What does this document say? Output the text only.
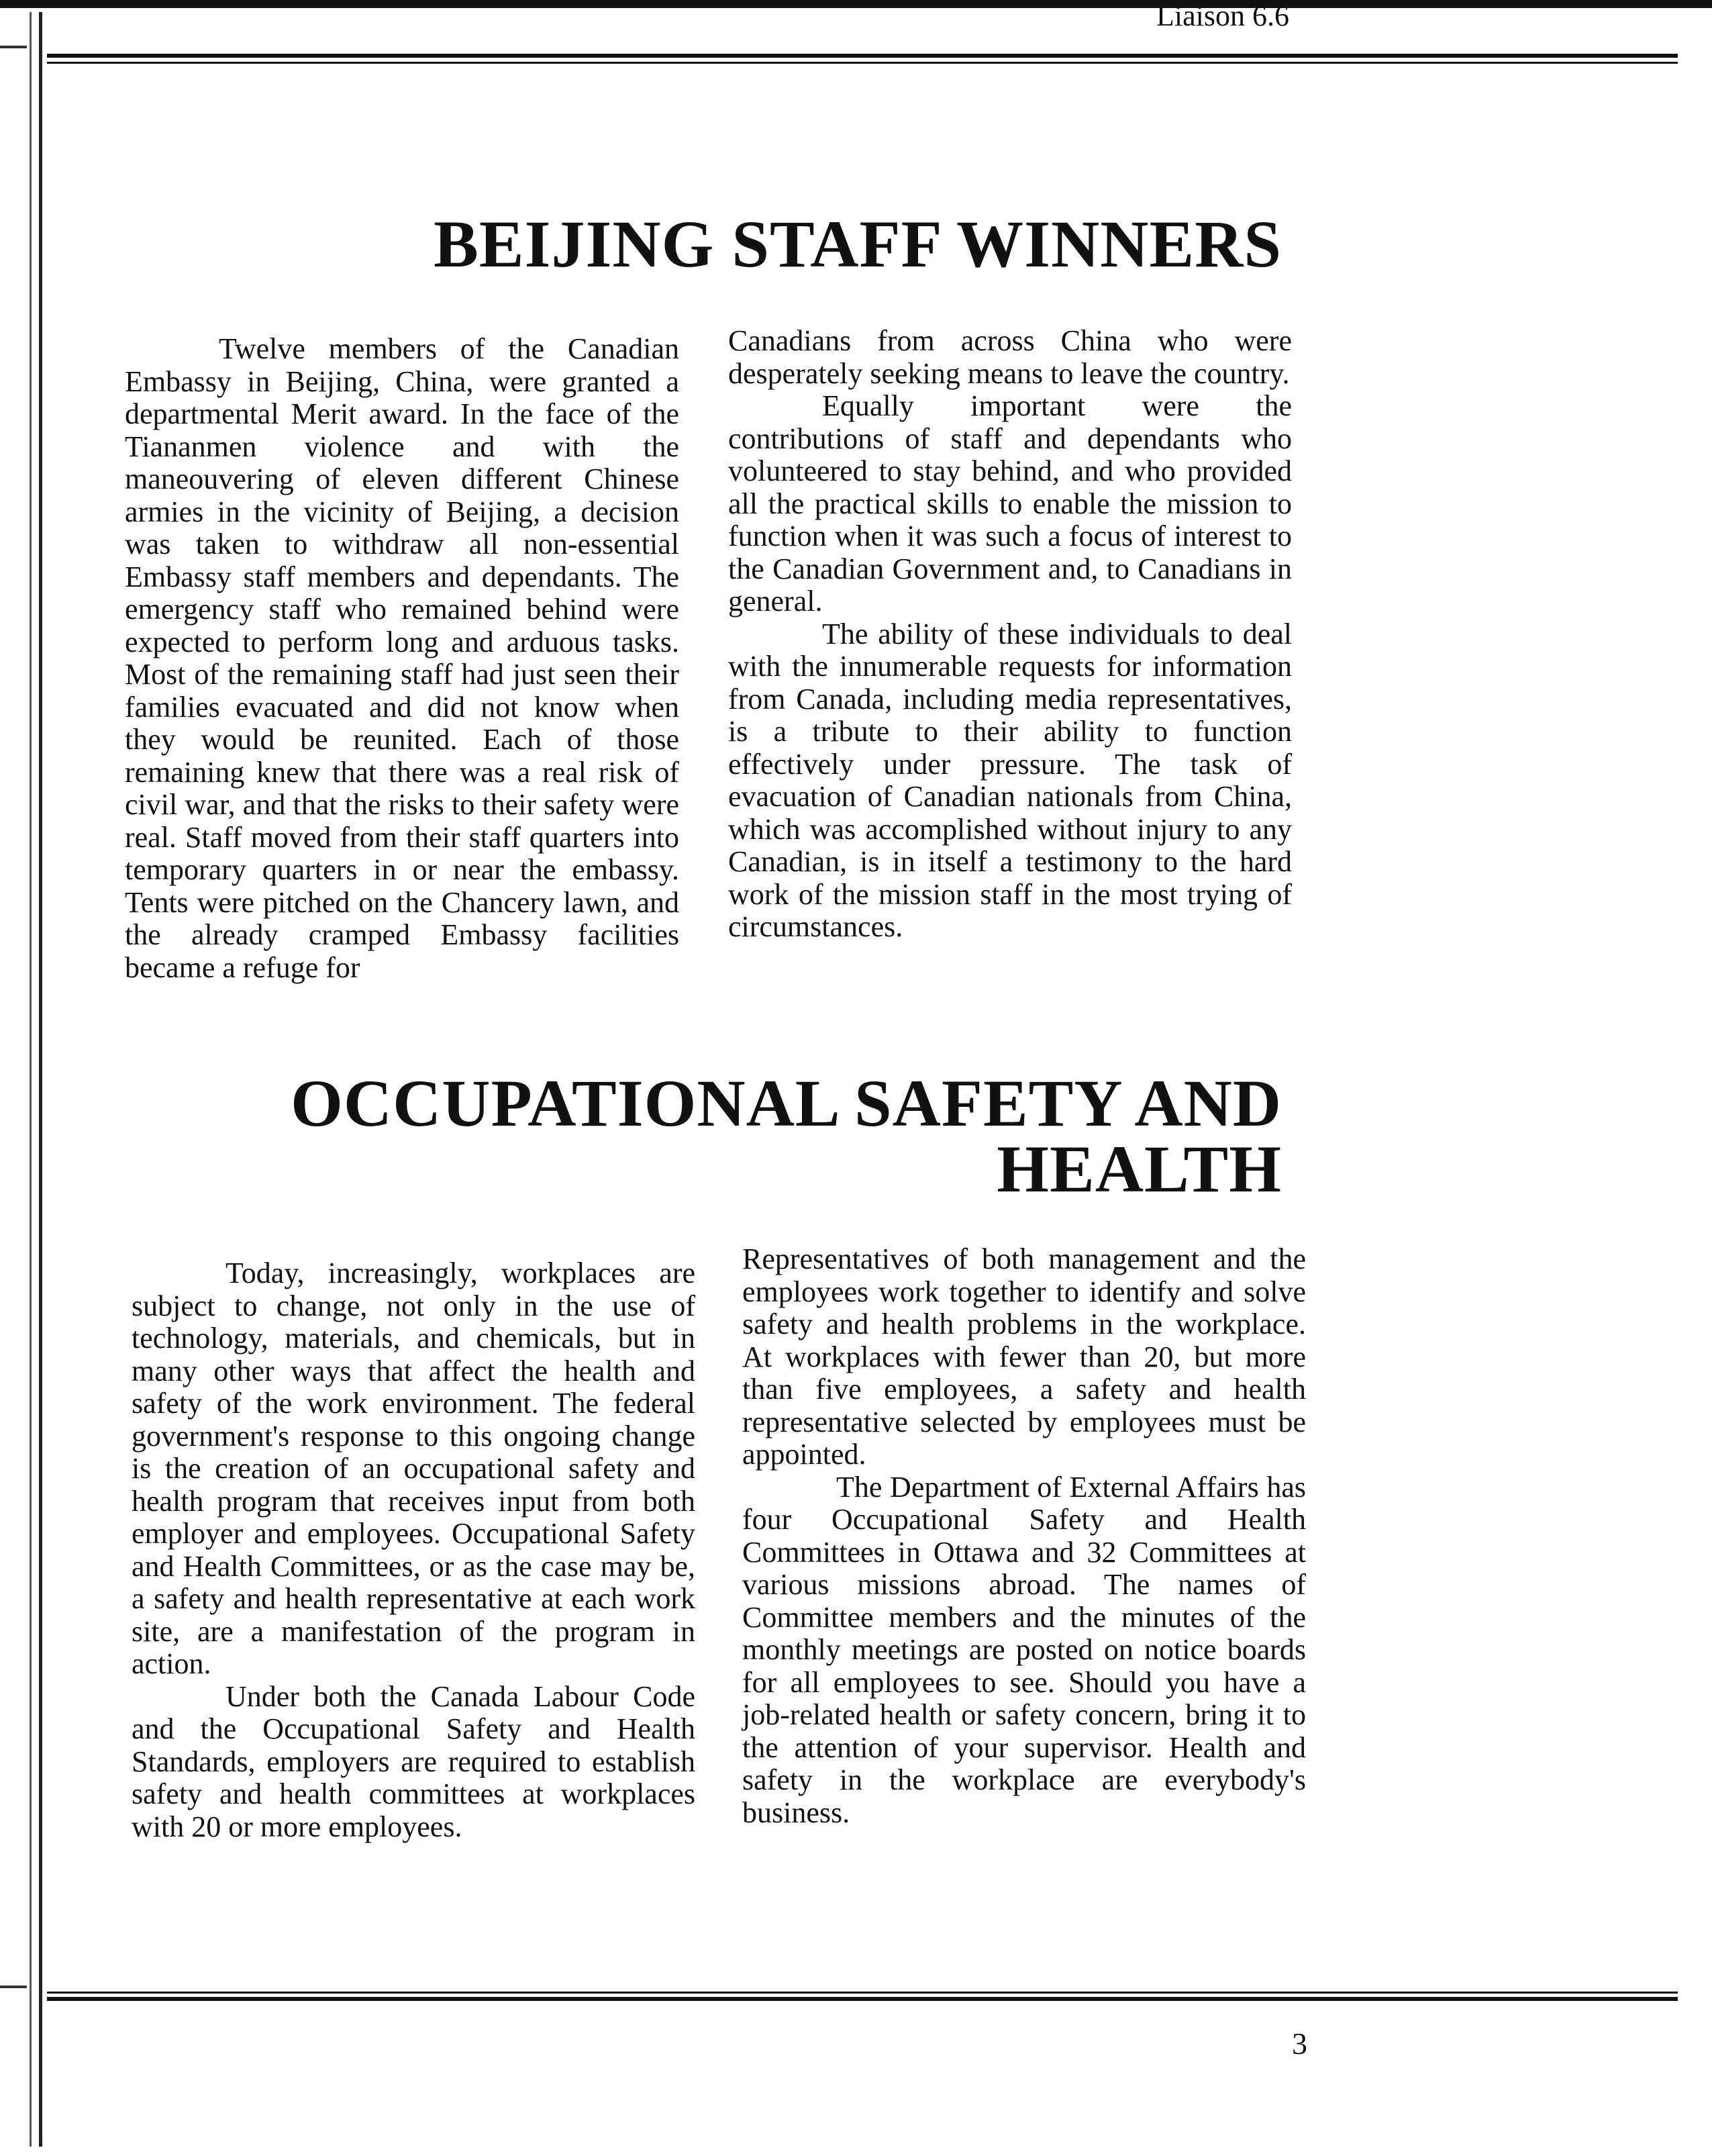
Liaison 6.6
BEIJING STAFF WINNERS

Twelve members of the Canadian Embassy in Beijing, China, were granted a departmental Merit award. In the face of the Tiananmen violence and with the maneouvering of eleven different Chinese armies in the vicinity of Beijing, a decision was taken to withdraw all non-essential Embassy staff members and dependants. The emergency staff who remained behind were expected to perform long and arduous tasks. Most of the remaining staff had just seen their families evacuated and did not know when they would be reunited. Each of those remaining knew that there was a real risk of civil war, and that the risks to their safety were real. Staff moved from their staff quarters into temporary quarters in or near the embassy. Tents were pitched on the Chancery lawn, and the already cramped Embassy facilities became a refuge for

Canadians from across China who were desperately seeking means to leave the country.

Equally important were the contributions of staff and dependants who volunteered to stay behind, and who provided all the practical skills to enable the mission to function when it was such a focus of interest to the Canadian Government and, to Canadians in general.

The ability of these individuals to deal with the innumerable requests for information from Canada, including media representatives, is a tribute to their ability to function effectively under pressure. The task of evacuation of Canadian nationals from China, which was accomplished without injury to any Canadian, is in itself a testimony to the hard work of the mission staff in the most trying of circumstances.

OCCUPATIONAL SAFETY AND
HEALTH

Today, increasingly, workplaces are subject to change, not only in the use of technology, materials, and chemicals, but in many other ways that affect the health and safety of the work environment. The federal government's response to this ongoing change is the creation of an occupational safety and health program that receives input from both employer and employees. Occupational Safety and Health Committees, or as the case may be, a safety and health representative at each work site, are a manifestation of the program in action.

Under both the Canada Labour Code and the Occupational Safety and Health Standards, employers are required to establish safety and health committees at workplaces with 20 or more employees.

Representatives of both management and the employees work together to identify and solve safety and health problems in the workplace. At workplaces with fewer than 20, but more than five employees, a safety and health representative selected by employees must be appointed.

The Department of External Affairs has four Occupational Safety and Health Committees in Ottawa and 32 Committees at various missions abroad. The names of Committee members and the minutes of the monthly meetings are posted on notice boards for all employees to see. Should you have a job-related health or safety concern, bring it to the attention of your supervisor. Health and safety in the workplace are everybody's business.

3
